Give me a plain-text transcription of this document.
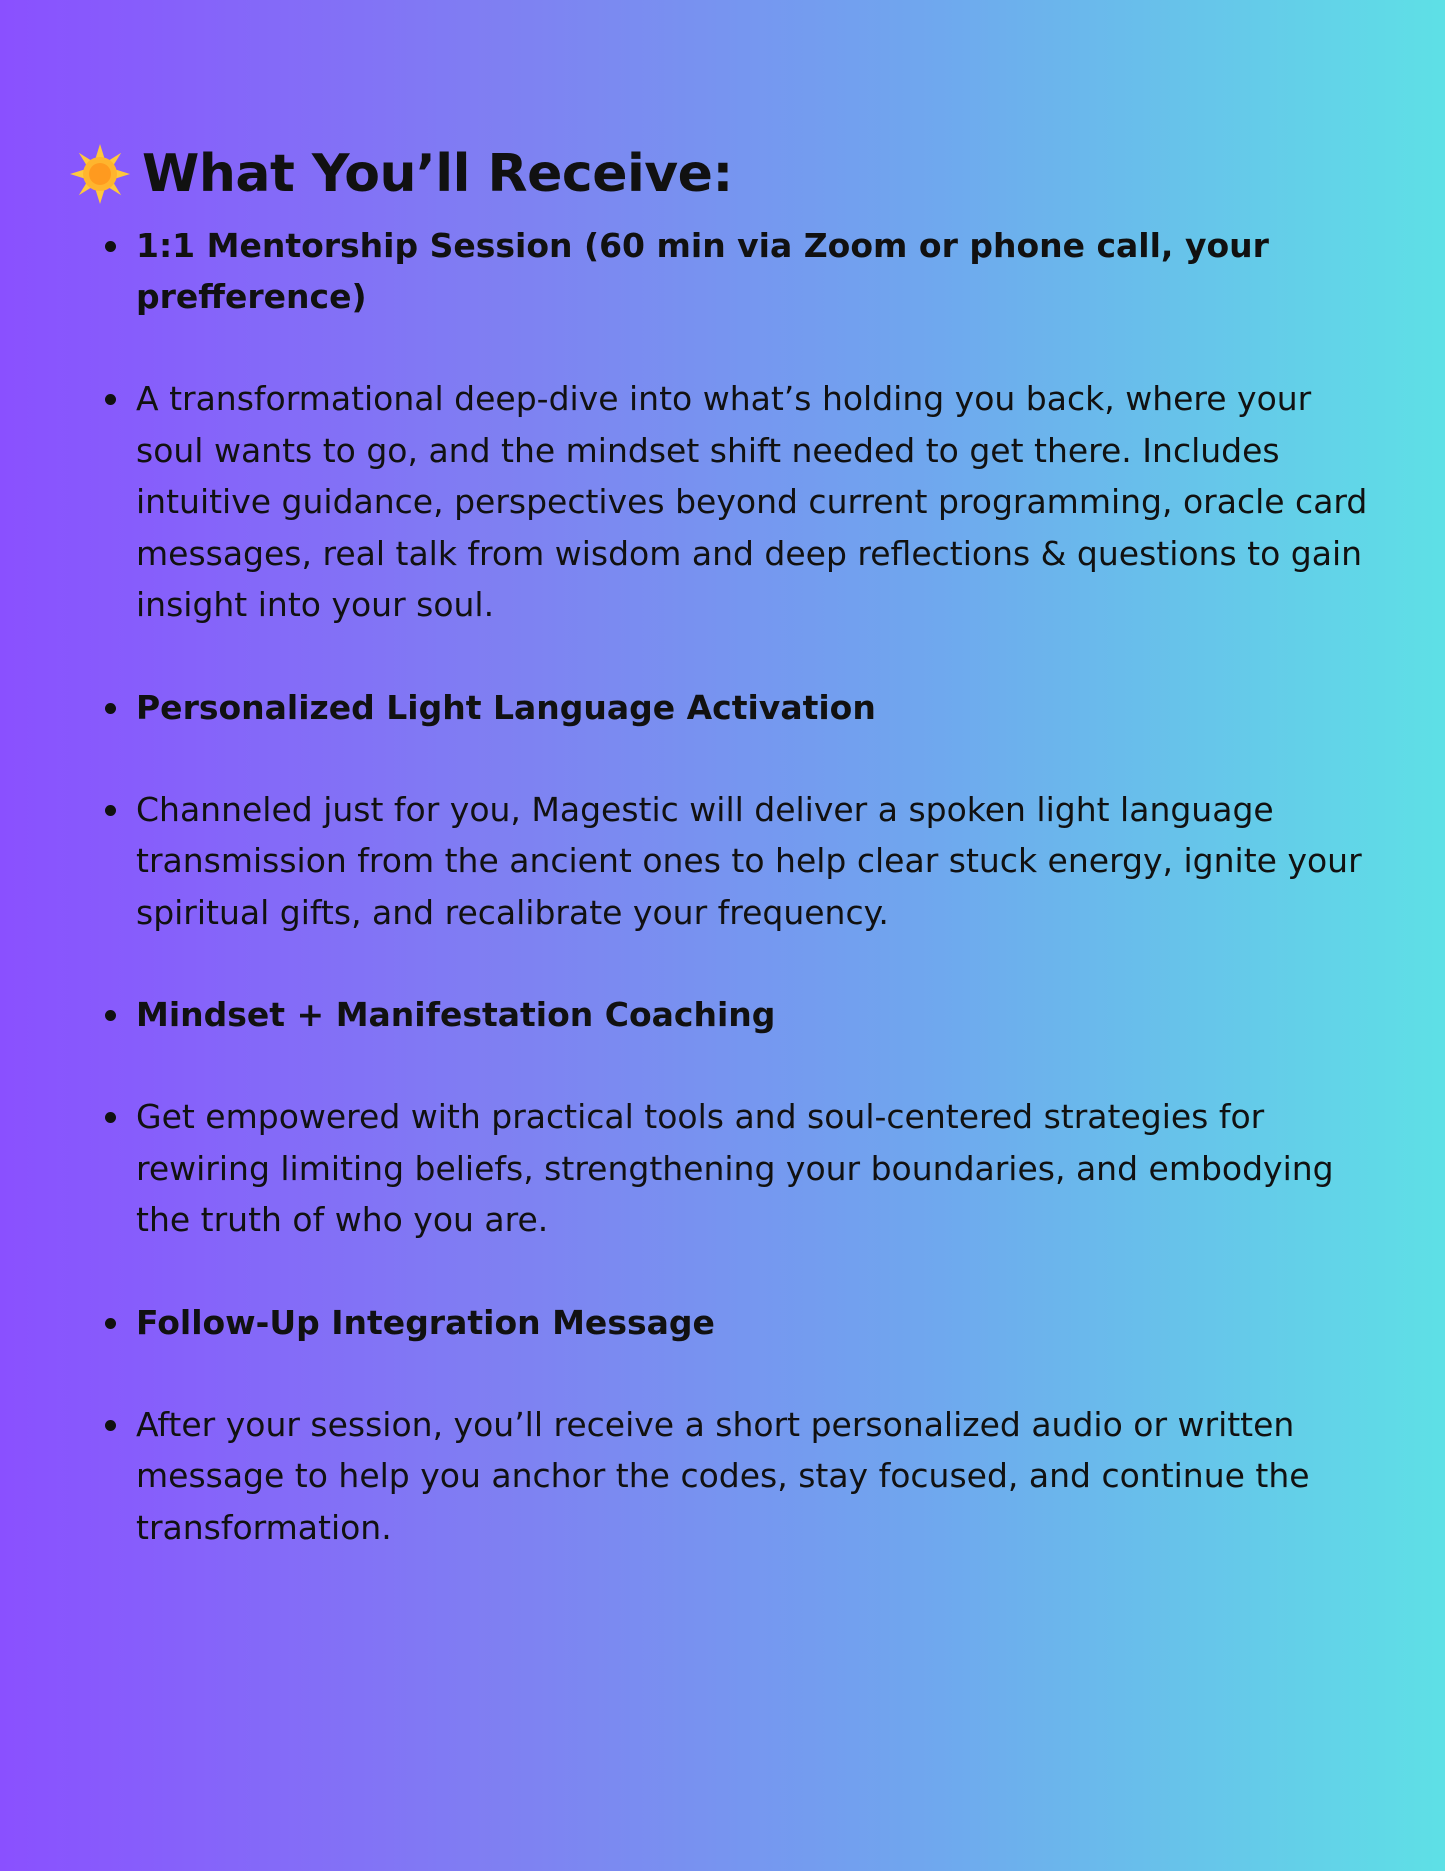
What You’ll Receive:
1:1 Mentorship Session (60 min via Zoom or phone call, your prefference)
A transformational deep-dive into what’s holding you back, where your soul wants to go, and the mindset shift needed to get there. Includes intuitive guidance, perspectives beyond current programming, oracle card messages, real talk from wisdom and deep reflections & questions to gain insight into your soul.
Personalized Light Language Activation
Channeled just for you, Magestic will deliver a spoken light language transmission from the ancient ones to help clear stuck energy, ignite your spiritual gifts, and recalibrate your frequency.
Mindset + Manifestation Coaching
Get empowered with practical tools and soul-centered strategies for rewiring limiting beliefs, strengthening your boundaries, and embodying the truth of who you are.
Follow-Up Integration Message
After your session, you’ll receive a short personalized audio or written message to help you anchor the codes, stay focused, and continue the transformation.
